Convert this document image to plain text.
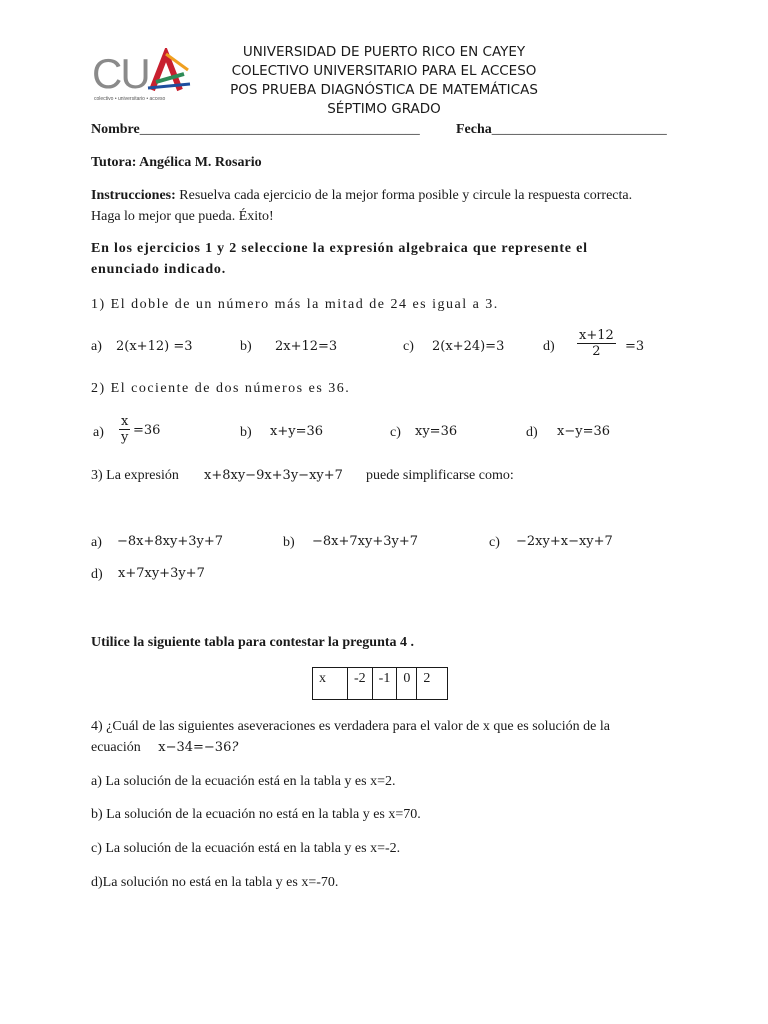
CU
colectivo • universitario • acceso
UNIVERSIDAD DE PUERTO RICO EN CAYEY
COLECTIVO UNIVERSITARIO PARA EL ACCESO
POS PRUEBA DIAGNÓSTICA DE MATEMÁTICAS
SÉPTIMO GRADO
Nombre________________________________________	Fecha_________________________
Tutora: Angélica M. Rosario
Instrucciones: Resuelva cada ejercicio de la mejor forma posible y circule la respuesta correcta.
Haga lo mejor que pueda. Éxito!
En los ejercicios 1 y 2 seleccione la expresión algebraica que represente el
enunciado indicado.
1) El doble de un número más la mitad de 24 es igual a 3.
a) 2(x+12) =3	b) 2x+12=3	c) 2(x+24)=3	$d) \frac{x+12}{2} =3$
2) El cociente de dos números es 36.
$a) \frac{x}{y} =36$	b) x+y=36	c) xy=36	d) x−y=36
3) La expresión x+8xy−9x+3y−xy+7 puede simplificarse como:
a) −8x+8xy+3y+7	b) −8x+7xy+3y+7	c) −2xy+x−xy+7
d) x+7xy+3y+7
Utilice la siguiente tabla para contestar la pregunta 4 .
x	-2	-1	0	2
4) ¿Cuál de las siguientes aseveraciones es verdadera para el valor de x que es solución de la
ecuación x−34=−36?
a) La solución de la ecuación está en la tabla y es x=2.
b) La solución de la ecuación no está en la tabla y es x=70.
c) La solución de la ecuación está en la tabla y es x=-2.
d)La solución no está en la tabla y es x=-70.
